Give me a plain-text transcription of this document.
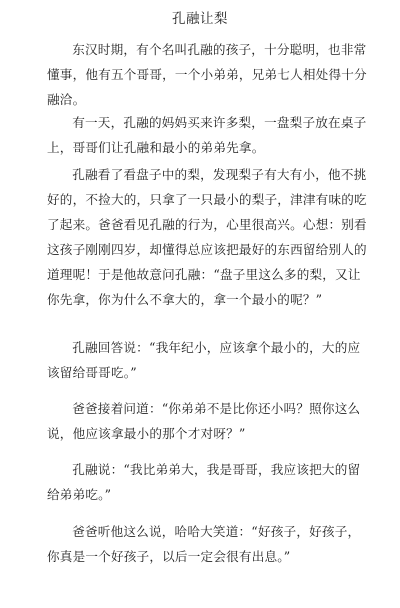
孔融让梨

东汉时期，有个名叫孔融的孩子，十分聪明，也非常懂事，他有五个哥哥，一个小弟弟，兄弟七人相处得十分融洽。

有一天，孔融的妈妈买来许多梨，一盘梨子放在桌子上，哥哥们让孔融和最小的弟弟先拿。

孔融看了看盘子中的梨，发现梨子有大有小，他不挑好的，不捡大的，只拿了一只最小的梨子，津津有味的吃了起来。爸爸看见孔融的行为，心里很高兴。心想：别看这孩子刚刚四岁，却懂得总应该把最好的东西留给别人的道理呢！于是他故意问孔融：“盘子里这么多的梨，又让你先拿，你为什么不拿大的，拿一个最小的呢？”

孔融回答说：“我年纪小，应该拿个最小的，大的应该留给哥哥吃。”

爸爸接着问道：“你弟弟不是比你还小吗？照你这么说，他应该拿最小的那个才对呀？”

孔融说：“我比弟弟大，我是哥哥，我应该把大的留给弟弟吃。”

爸爸听他这么说，哈哈大笑道：“好孩子，好孩子，你真是一个好孩子，以后一定会很有出息。”
